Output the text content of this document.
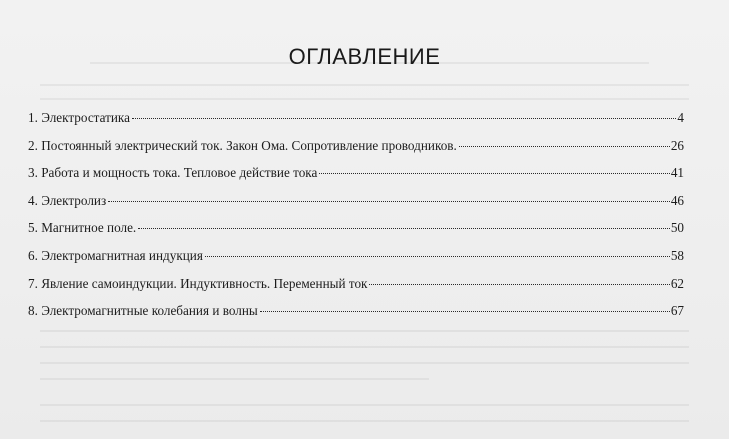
ОГЛАВЛЕНИЕ
1. Электростатика	4
2. Постоянный электрический ток. Закон Ома. Сопротивление проводников.	26
3. Работа и мощность тока. Тепловое действие тока	41
4. Электролиз	46
5. Магнитное поле.	50
6. Электромагнитная индукция	58
7. Явление самоиндукции. Индуктивность. Переменный ток	62
8. Электромагнитные колебания и волны	67
